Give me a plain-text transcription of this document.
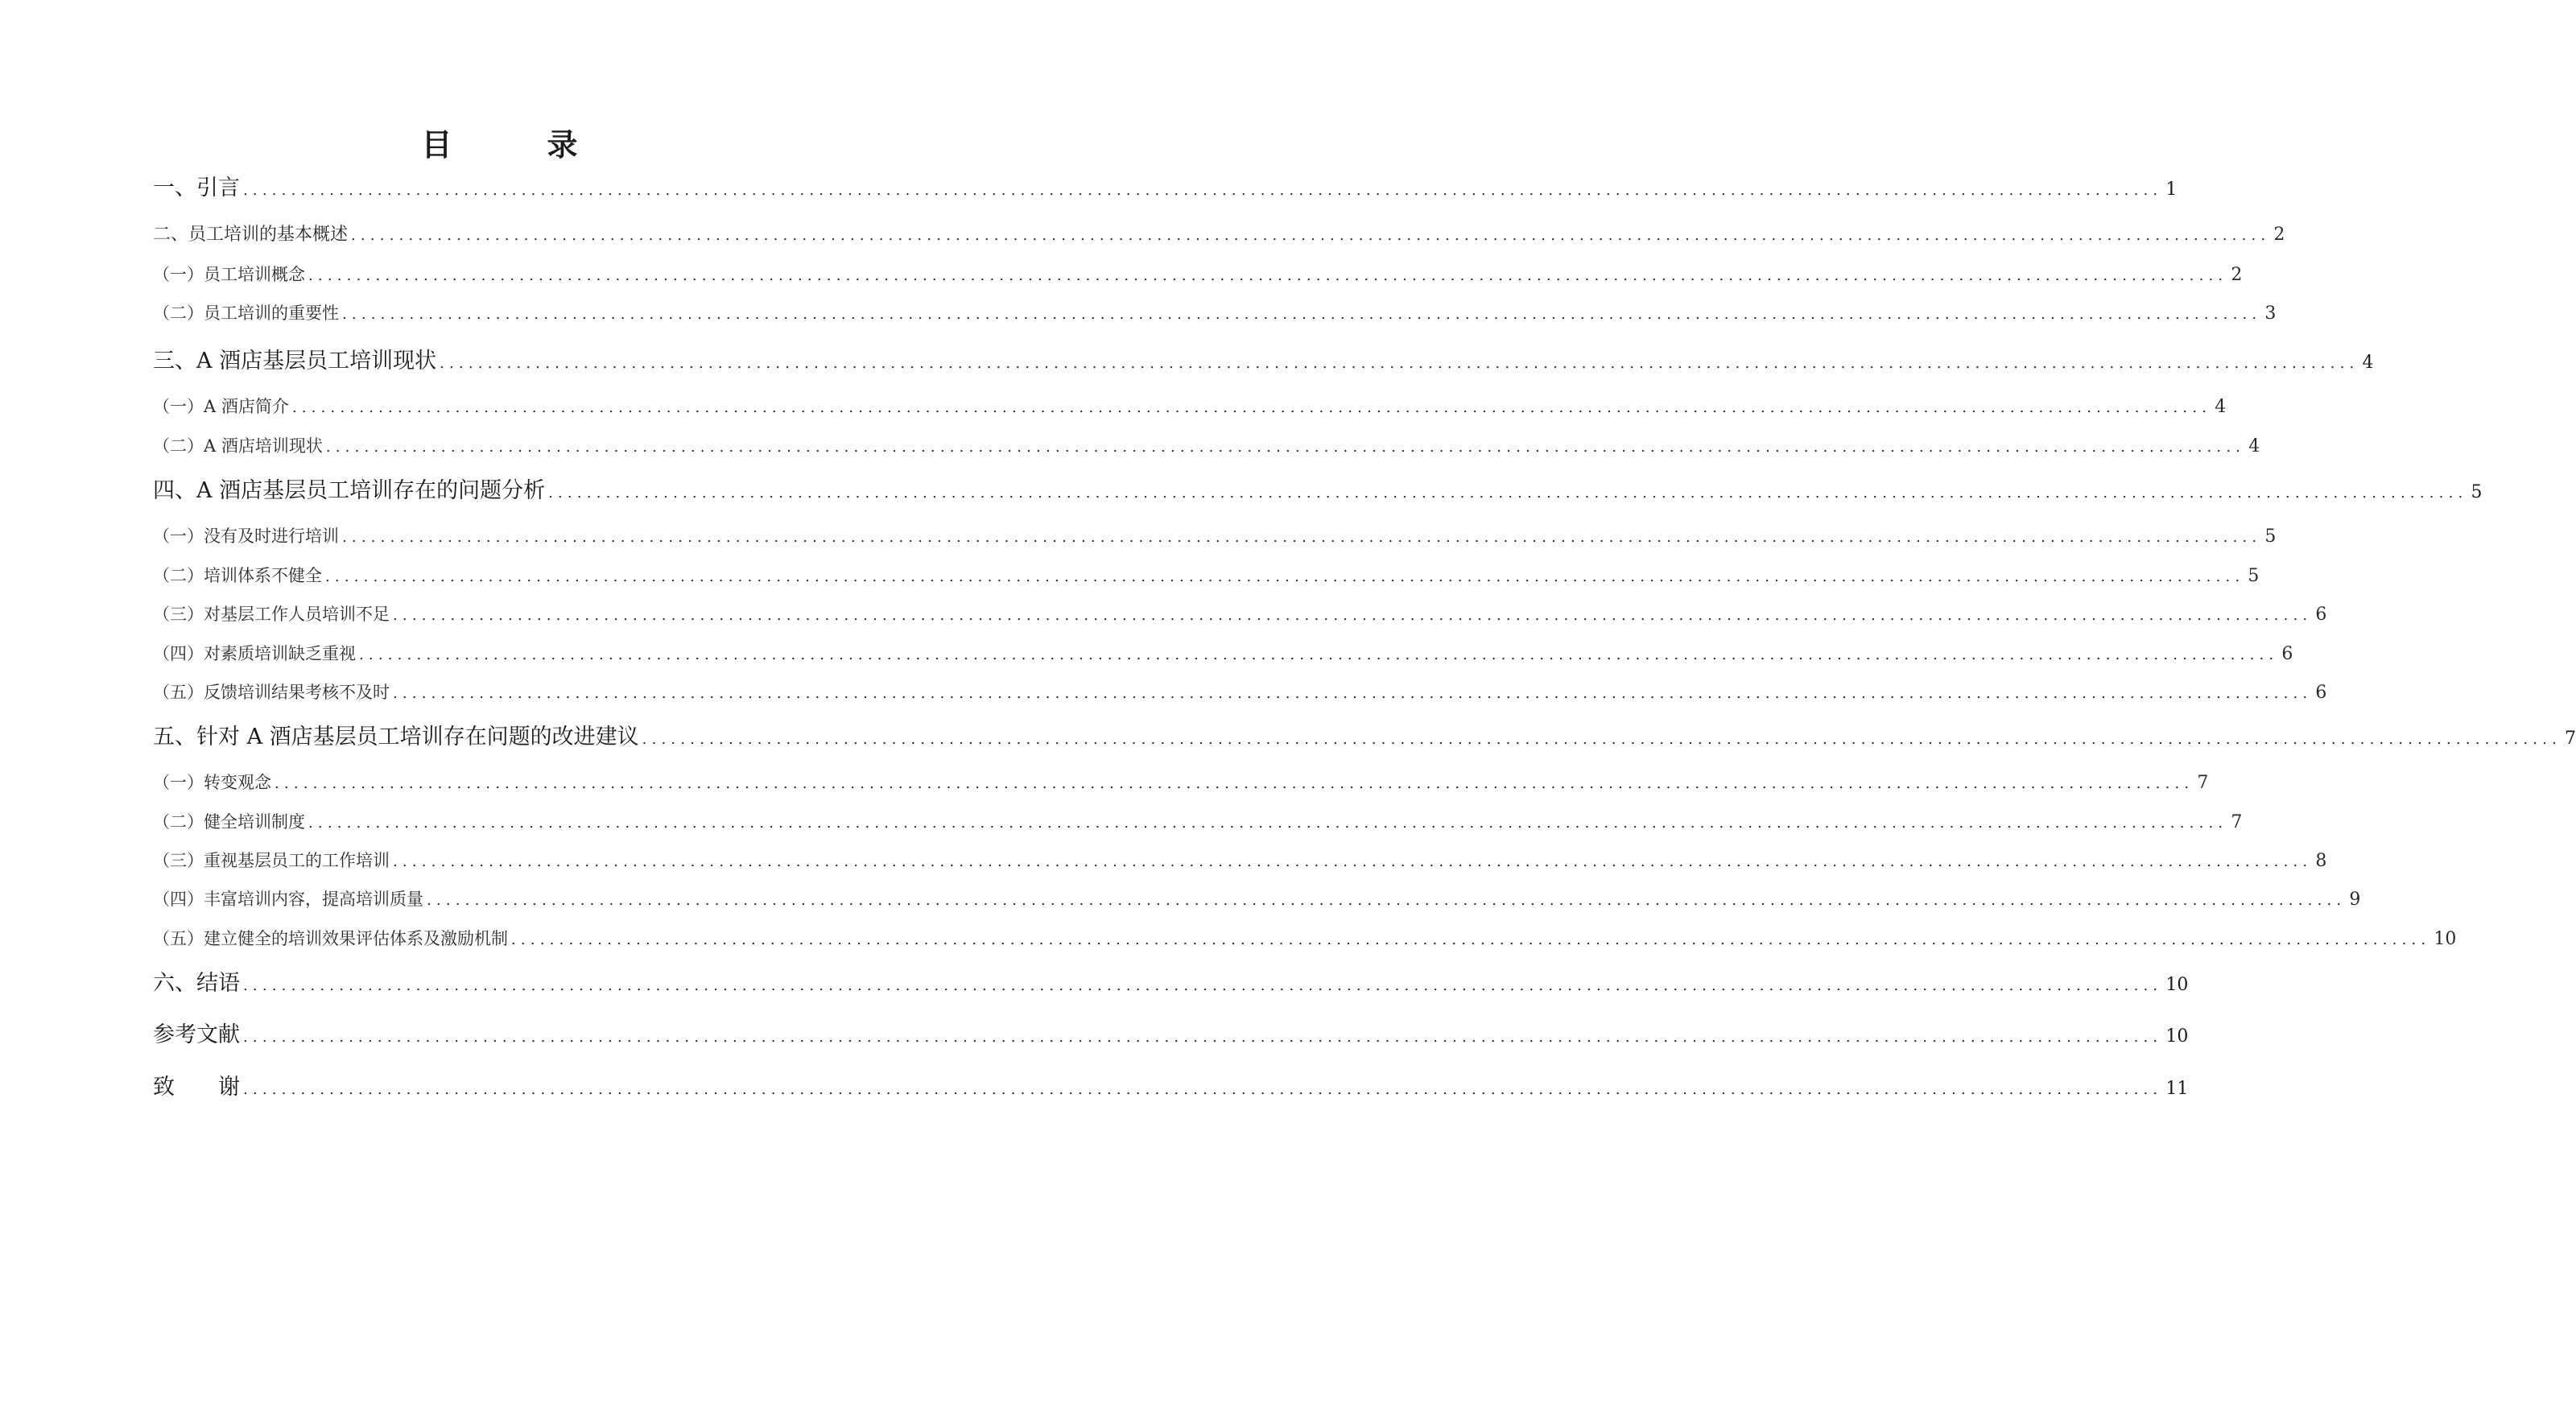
目　录
一、引言 ........................................................................................................................................................................................................ 1
二、员工培训的基本概述 ........................................................................................................................................................................................................ 2
（一）员工培训概念 ........................................................................................................................................................................................................ 2
（二）员工培训的重要性 ........................................................................................................................................................................................................ 3
三、A 酒店基层员工培训现状 ........................................................................................................................................................................................................ 4
（一）A 酒店简介 ........................................................................................................................................................................................................ 4
（二）A 酒店培训现状 ........................................................................................................................................................................................................ 4
四、A 酒店基层员工培训存在的问题分析 ........................................................................................................................................................................................................ 5
（一）没有及时进行培训 ........................................................................................................................................................................................................ 5
（二）培训体系不健全 ........................................................................................................................................................................................................ 5
（三）对基层工作人员培训不足 ........................................................................................................................................................................................................ 6
（四）对素质培训缺乏重视 ........................................................................................................................................................................................................ 6
（五）反馈培训结果考核不及时 ........................................................................................................................................................................................................ 6
五、针对 A 酒店基层员工培训存在问题的改进建议 ........................................................................................................................................................................................................ 7
（一）转变观念 ........................................................................................................................................................................................................ 7
（二）健全培训制度 ........................................................................................................................................................................................................ 7
（三）重视基层员工的工作培训 ........................................................................................................................................................................................................ 8
（四）丰富培训内容，提高培训质量 ........................................................................................................................................................................................................ 9
（五）建立健全的培训效果评估体系及激励机制 ........................................................................................................................................................................................................ 10
六、结语 ........................................................................................................................................................................................................ 10
参考文献 ........................................................................................................................................................................................................ 10
致　　谢 ........................................................................................................................................................................................................ 11
